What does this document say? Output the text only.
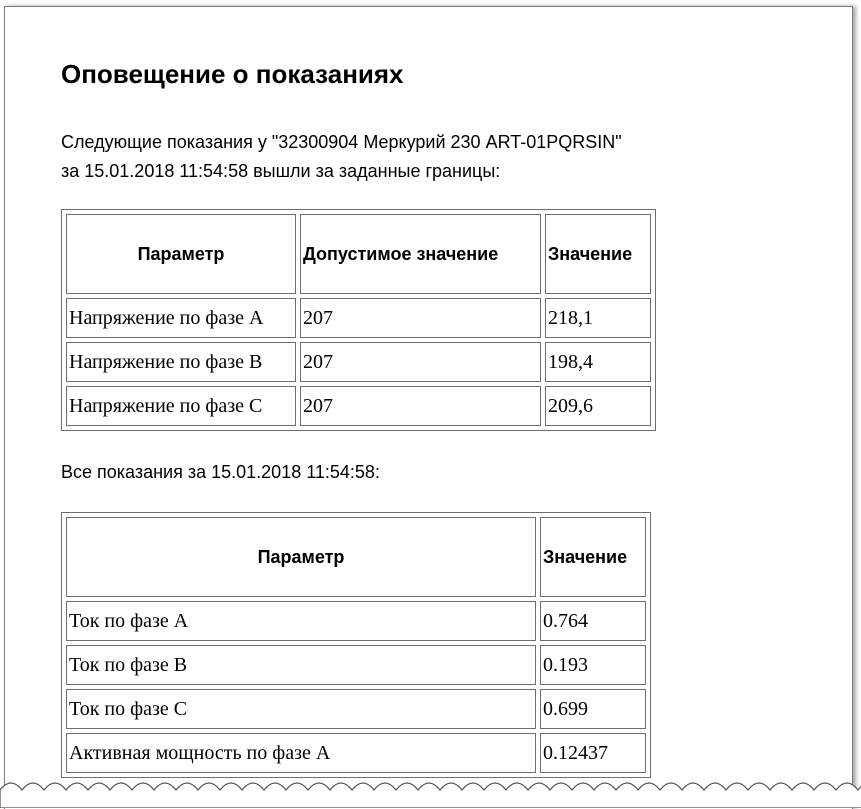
Оповещение о показаниях

Следующие показания у "32300904 Меркурий 230 ART-01PQRSIN"
за 15.01.2018 11:54:58 вышли за заданные границы:

Параметр	Допустимое значение	Значение
Напряжение по фазе A	207	218,1
Напряжение по фазе B	207	198,4
Напряжение по фазе C	207	209,6

Все показания за 15.01.2018 11:54:58:

Параметр	Значение
Ток по фазе A	0.764
Ток по фазе B	0.193
Ток по фазе C	0.699
Активная мощность по фазе A	0.12437
